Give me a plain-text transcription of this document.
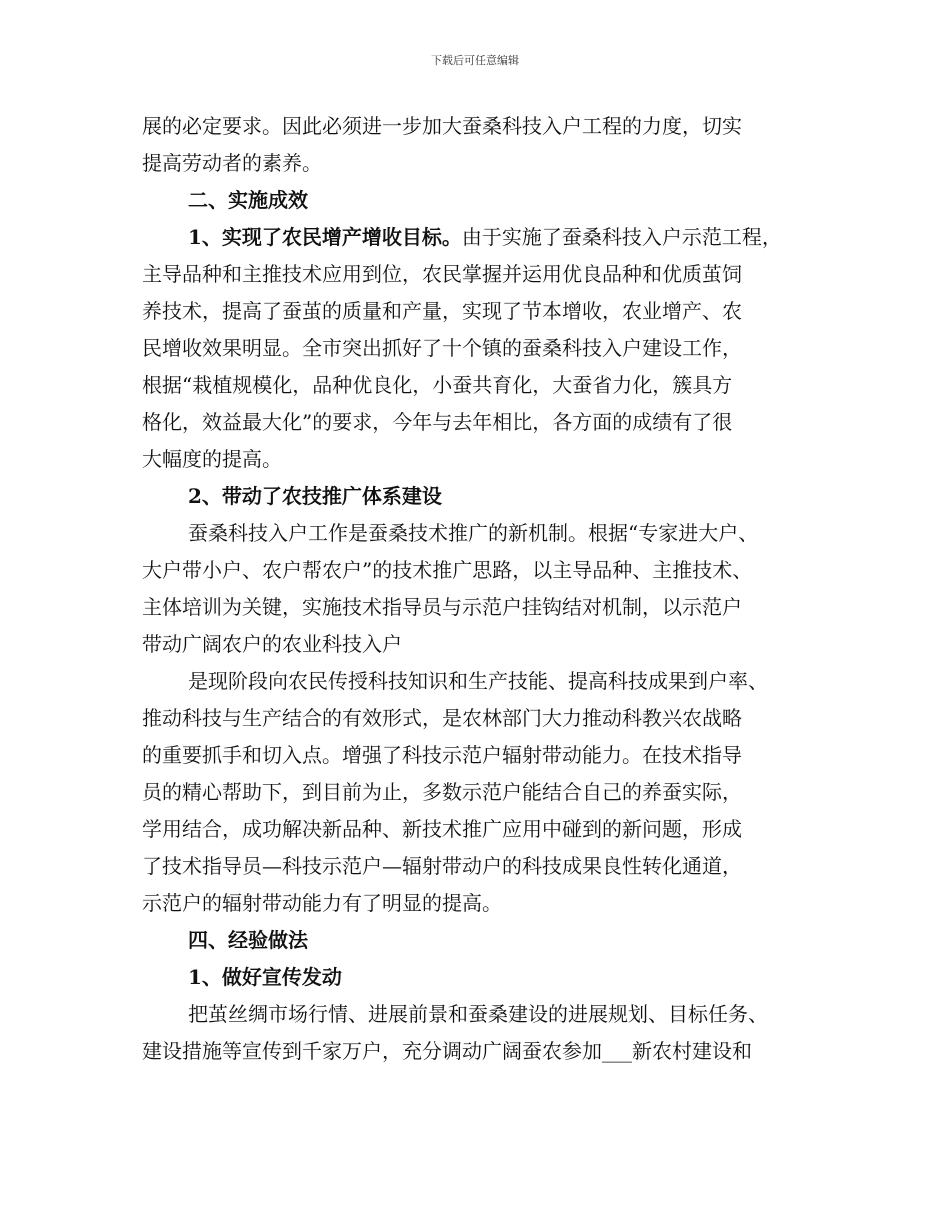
下载后可任意编辑
展的必定要求。因此必须进一步加大蚕桑科技入户工程的力度，切实
提高劳动者的素养。
二、实施成效
1、实现了农民增产增收目标。由于实施了蚕桑科技入户示范工程，
主导品种和主推技术应用到位，农民掌握并运用优良品种和优质茧饲
养技术，提高了蚕茧的质量和产量，实现了节本增收，农业增产、农
民增收效果明显。全市突出抓好了十个镇的蚕桑科技入户建设工作，
根据“栽植规模化，品种优良化，小蚕共育化，大蚕省力化，簇具方
格化，效益最大化”的要求，今年与去年相比，各方面的成绩有了很
大幅度的提高。
2、带动了农技推广体系建设
蚕桑科技入户工作是蚕桑技术推广的新机制。根据“专家进大户、
大户带小户、农户帮农户”的技术推广思路，以主导品种、主推技术、
主体培训为关键，实施技术指导员与示范户挂钩结对机制，以示范户
带动广阔农户的农业科技入户
是现阶段向农民传授科技知识和生产技能、提高科技成果到户率、
推动科技与生产结合的有效形式，是农林部门大力推动科教兴农战略
的重要抓手和切入点。增强了科技示范户辐射带动能力。在技术指导
员的精心帮助下，到目前为止，多数示范户能结合自己的养蚕实际，
学用结合，成功解决新品种、新技术推广应用中碰到的新问题，形成
了技术指导员—科技示范户—辐射带动户的科技成果良性转化通道，
示范户的辐射带动能力有了明显的提高。
四、经验做法
1、做好宣传发动
把茧丝绸市场行情、进展前景和蚕桑建设的进展规划、目标任务、
建设措施等宣传到千家万户，充分调动广阔蚕农参加___新农村建设和
